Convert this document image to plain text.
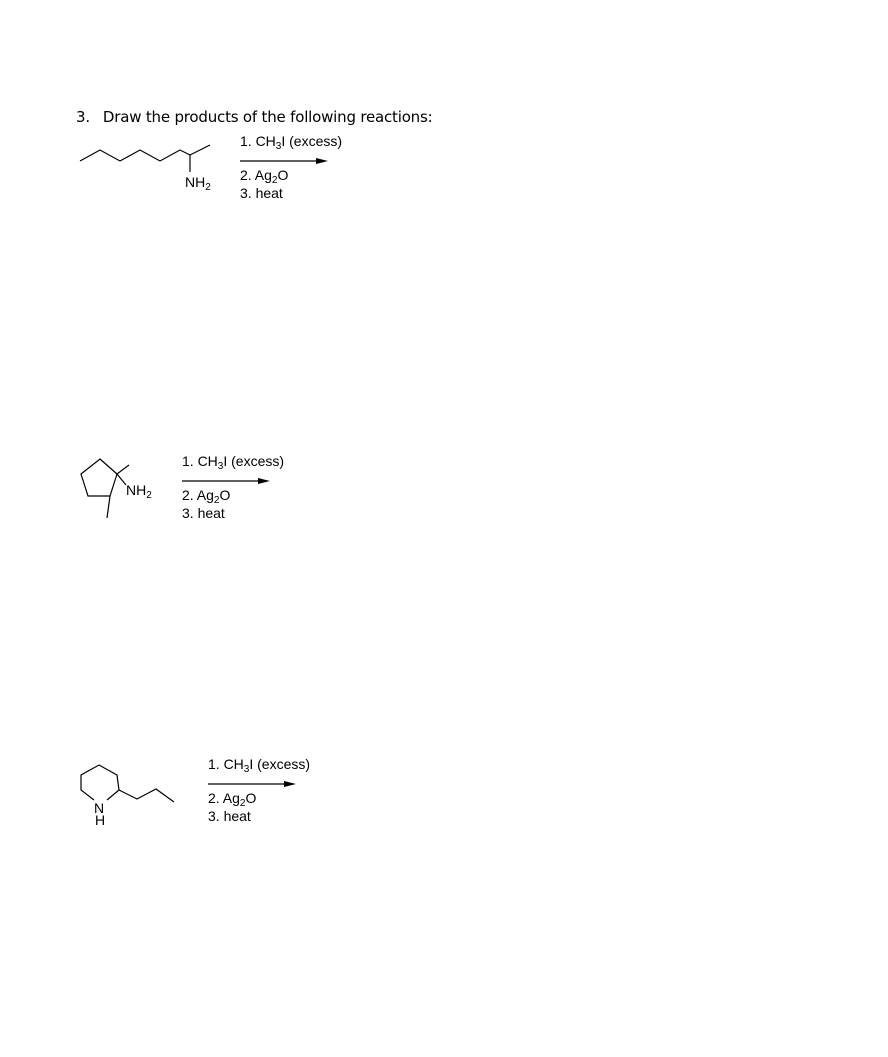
3. Draw the products of the following reactions:
$NH_2$
1. $CH_3I$ (excess)
2. $Ag_2O$
3. heat
$NH_2$
1. $CH_3I$ (excess)
2. $Ag_2O$
3. heat
N
H
1. $CH_3I$ (excess)
2. $Ag_2O$
3. heat
